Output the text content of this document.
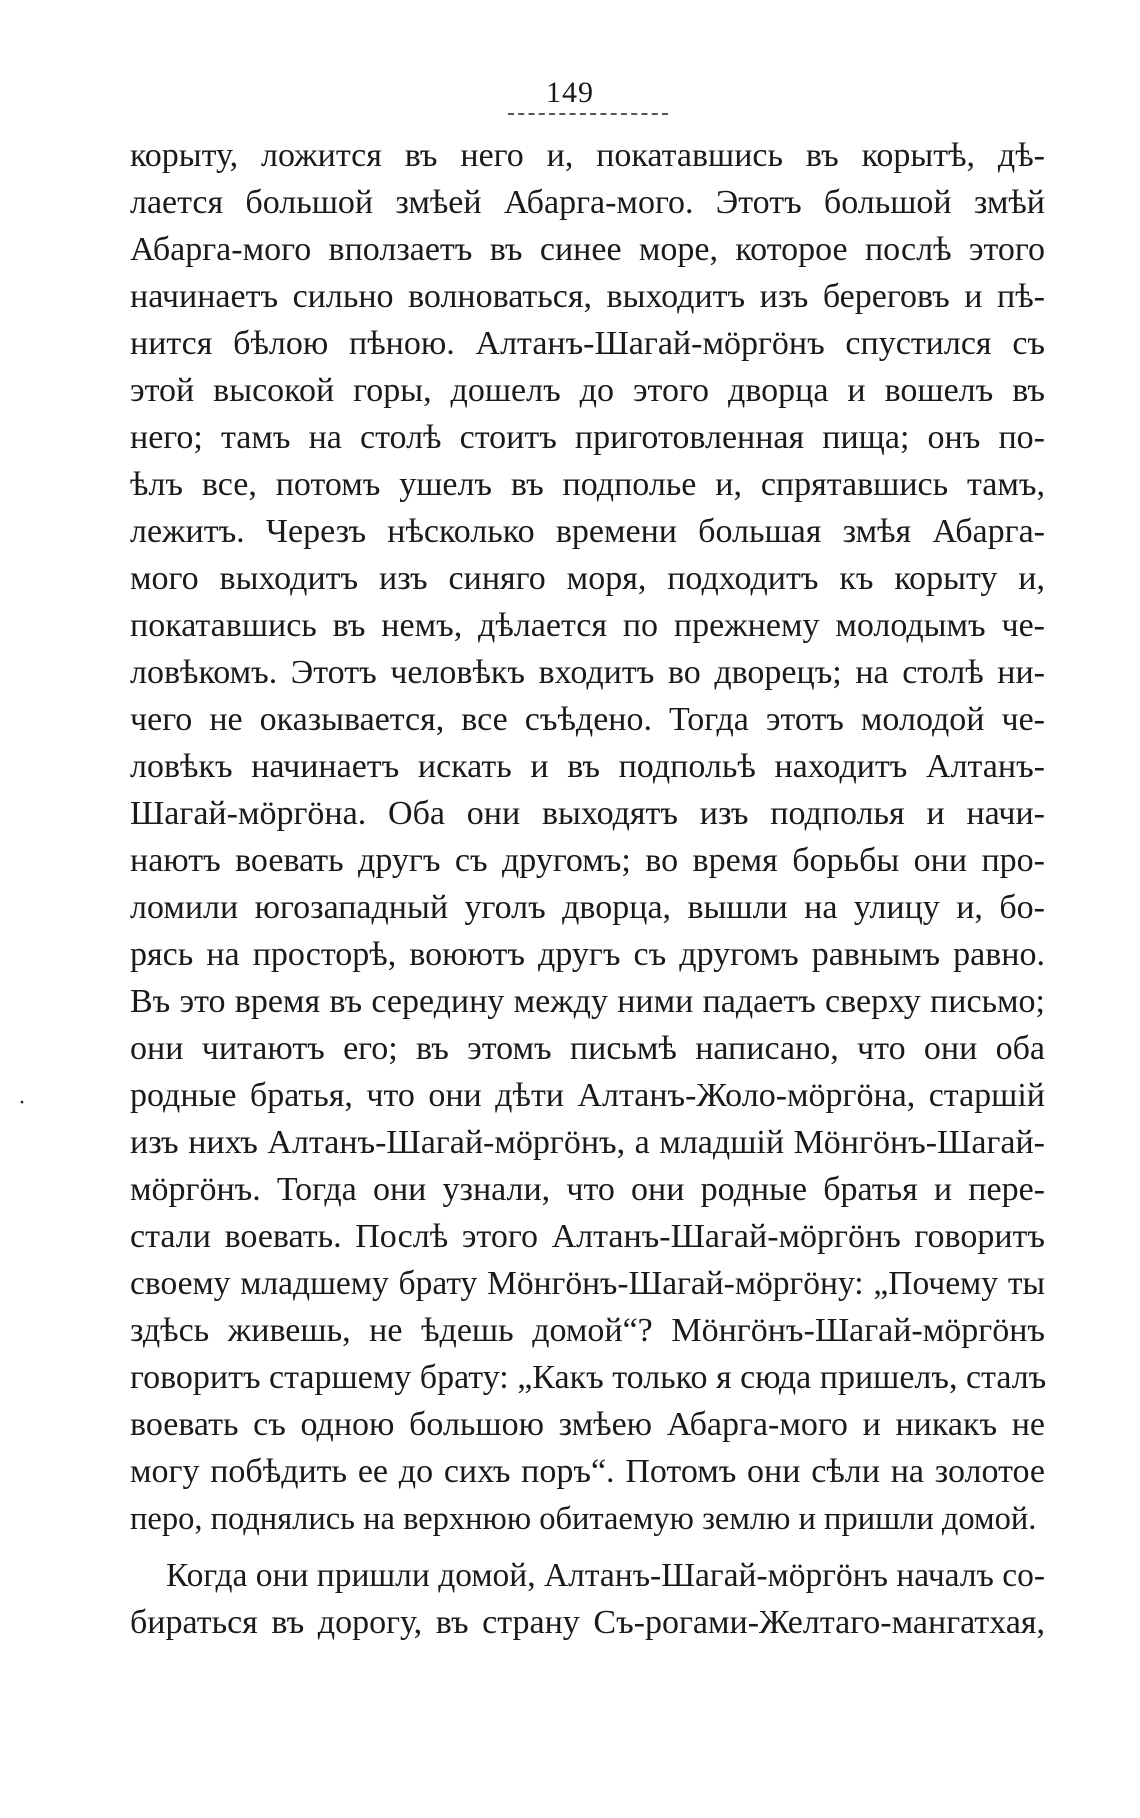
149
·
корыту, ложится въ него и, покатавшись въ корытѣ, дѣ-
лается большой змѣей Абарга-мого. Этотъ большой змѣй
Абарга-мого вползаетъ въ синее море, которое послѣ этого
начинаетъ сильно волноваться, выходитъ изъ береговъ и пѣ-
нится бѣлою пѣною. Алтанъ-Шагай-мöргöнъ спустился съ
этой высокой горы, дошелъ до этого дворца и вошелъ въ
него; тамъ на столѣ стоитъ приготовленная пища; онъ по-
ѣлъ все, потомъ ушелъ въ подполье и, спрятавшись тамъ,
лежитъ. Черезъ нѣсколько времени большая змѣя Абарга-
мого выходитъ изъ синяго моря, подходитъ къ корыту и,
покатавшись въ немъ, дѣлается по прежнему молодымъ че-
ловѣкомъ. Этотъ человѣкъ входитъ во дворецъ; на столѣ ни-
чего не оказывается, все съѣдено. Тогда этотъ молодой че-
ловѣкъ начинаетъ искать и въ подпольѣ находитъ Алтанъ-
Шагай-мöргöна. Оба они выходятъ изъ подполья и начи-
наютъ воевать другъ съ другомъ; во время борьбы они про-
ломили югозападный уголъ дворца, вышли на улицу и, бо-
рясь на просторѣ, воюютъ другъ съ другомъ равнымъ равно.
Въ это время въ середину между ними падаетъ сверху письмо;
они читаютъ его; въ этомъ письмѣ написано, что они оба
родные братья, что они дѣти Алтанъ-Жоло-мöргöна, старшiй
изъ нихъ Алтанъ-Шагай-мöргöнъ, а младшiй Мöнгöнъ-Шагай-
мöргöнъ. Тогда они узнали, что они родные братья и пере-
стали воевать. Послѣ этого Алтанъ-Шагай-мöргöнъ говоритъ
своему младшему брату Мöнгöнъ-Шагай-мöргöну: „Почему ты
здѣсь живешь, не ѣдешь домой“? Мöнгöнъ-Шагай-мöргöнъ
говоритъ старшему брату: „Какъ только я сюда пришелъ, сталъ
воевать съ одною большою змѣею Абарга-мого и никакъ не
могу побѣдить ее до сихъ поръ“. Потомъ они сѣли на золотое
перо, поднялись на верхнюю обитаемую землю и пришли домой.
Когда они пришли домой, Алтанъ-Шагай-мöргöнъ началъ со-
бираться въ дорогу, въ страну Съ-рогами-Желтаго-мангатхая,
